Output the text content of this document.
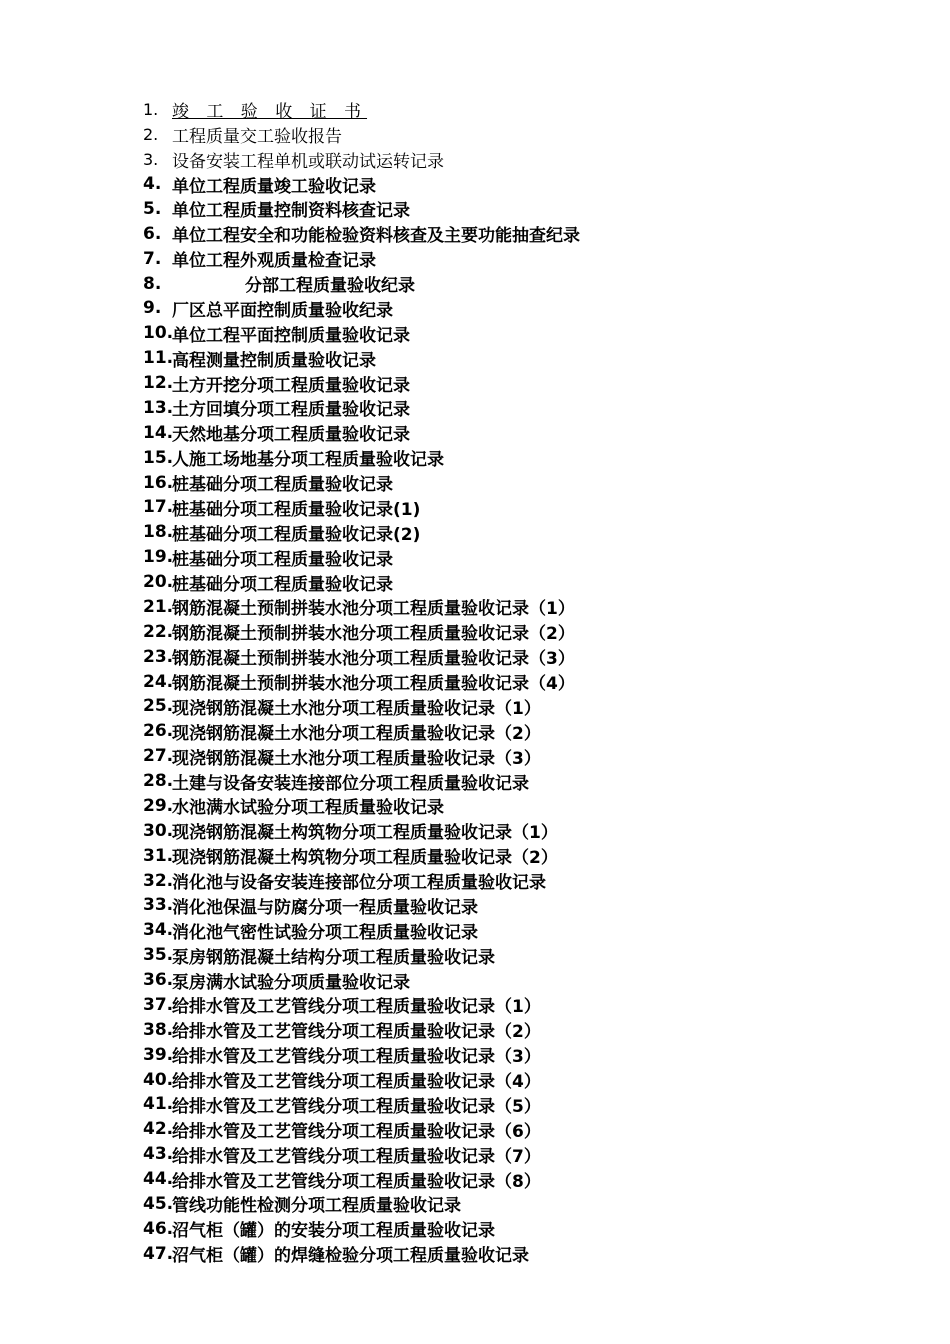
1. 竣 工 验 收 证 书
2. 工程质量交工验收报告
3. 设备安装工程单机或联动试运转记录
4. 单位工程质量竣工验收记录
5. 单位工程质量控制资料核查记录
6. 单位工程安全和功能检验资料核查及主要功能抽查纪录
7. 单位工程外观质量检查记录
8.	分部工程质量验收纪录
9. 厂区总平面控制质量验收纪录
10.
单位工程平面控制质量验收记录
11.
高程测量控制质量验收记录
12.
土方开挖分项工程质量验收记录
13.
土方回填分项工程质量验收记录
14.
天然地基分项工程质量验收记录
15.
人施工场地基分项工程质量验收记录
16.
桩基础分项工程质量验收记录
17.
桩基础分项工程质量验收记录(1)
18.
桩基础分项工程质量验收记录(2)
19.
桩基础分项工程质量验收记录
20.
桩基础分项工程质量验收记录
21.
钢筋混凝土预制拼装水池分项工程质量验收记录（1）
22.
钢筋混凝土预制拼装水池分项工程质量验收记录（2）
23.
钢筋混凝土预制拼装水池分项工程质量验收记录（3）
24.
钢筋混凝土预制拼装水池分项工程质量验收记录（4）
25.
现浇钢筋混凝土水池分项工程质量验收记录（1）
26.
现浇钢筋混凝土水池分项工程质量验收记录（2）
27.
现浇钢筋混凝土水池分项工程质量验收记录（3）
28.
土建与设备安装连接部位分项工程质量验收记录
29.
水池满水试验分项工程质量验收记录
30.
现浇钢筋混凝土构筑物分项工程质量验收记录（1）
31.
现浇钢筋混凝土构筑物分项工程质量验收记录（2）
32.
消化池与设备安装连接部位分项工程质量验收记录
33.
消化池保温与防腐分项一程质量验收记录
34.
消化池气密性试验分项工程质量验收记录
35.
泵房钢筋混凝土结构分项工程质量验收记录
36.
泵房满水试验分项质量验收记录
37.
给排水管及工艺管线分项工程质量验收记录（1）
38.
给排水管及工艺管线分项工程质量验收记录（2）
39.
给排水管及工艺管线分项工程质量验收记录（3）
40.
给排水管及工艺管线分项工程质量验收记录（4）
41.
给排水管及工艺管线分项工程质量验收记录（5）
42.
给排水管及工艺管线分项工程质量验收记录（6）
43.
给排水管及工艺管线分项工程质量验收记录（7）
44.
给排水管及工艺管线分项工程质量验收记录（8）
45.
管线功能性检测分项工程质量验收记录
46.
沼气柜（罐）的安装分项工程质量验收记录
47.
沼气柜（罐）的焊缝检验分项工程质量验收记录
